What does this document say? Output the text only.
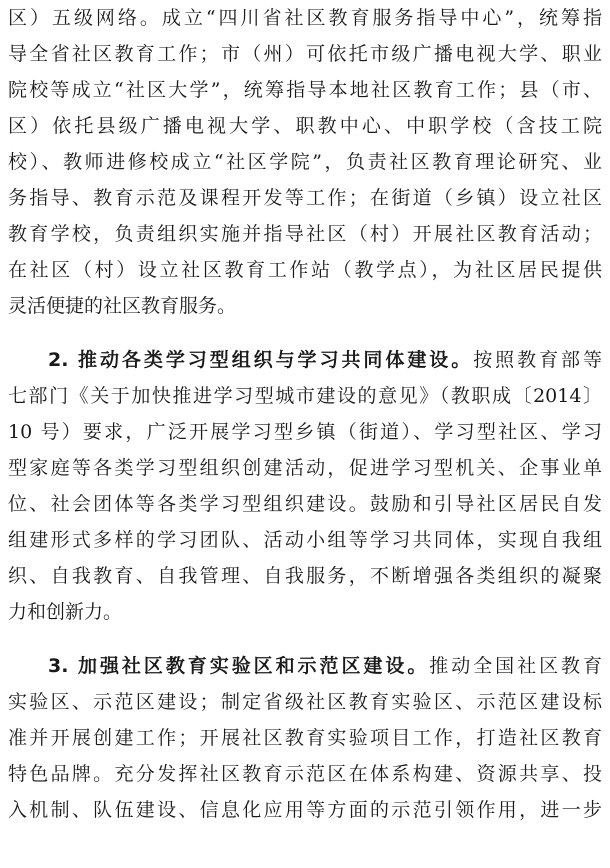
区）五级网络。成立“四川省社区教育服务指导中心”，统筹指
导全省社区教育工作；市（州）可依托市级广播电视大学、职业
院校等成立“社区大学”，统筹指导本地社区教育工作；县（市、
区）依托县级广播电视大学、职教中心、中职学校（含技工院
校）、教师进修校成立“社区学院”，负责社区教育理论研究、业
务指导、教育示范及课程开发等工作；在街道（乡镇）设立社区
教育学校，负责组织实施并指导社区（村）开展社区教育活动；
在社区（村）设立社区教育工作站（教学点），为社区居民提供
灵活便捷的社区教育服务。
2. 推动各类学习型组织与学习共同体建设。按照教育部等
七部门《关于加快推进学习型城市建设的意见》（教职成〔2014〕
10 号）要求，广泛开展学习型乡镇（街道）、学习型社区、学习
型家庭等各类学习型组织创建活动，促进学习型机关、企事业单
位、社会团体等各类学习型组织建设。鼓励和引导社区居民自发
组建形式多样的学习团队、活动小组等学习共同体，实现自我组
织、自我教育、自我管理、自我服务，不断增强各类组织的凝聚
力和创新力。
3. 加强社区教育实验区和示范区建设。推动全国社区教育
实验区、示范区建设；制定省级社区教育实验区、示范区建设标
准并开展创建工作；开展社区教育实验项目工作，打造社区教育
特色品牌。充分发挥社区教育示范区在体系构建、资源共享、投
入机制、队伍建设、信息化应用等方面的示范引领作用，进一步
